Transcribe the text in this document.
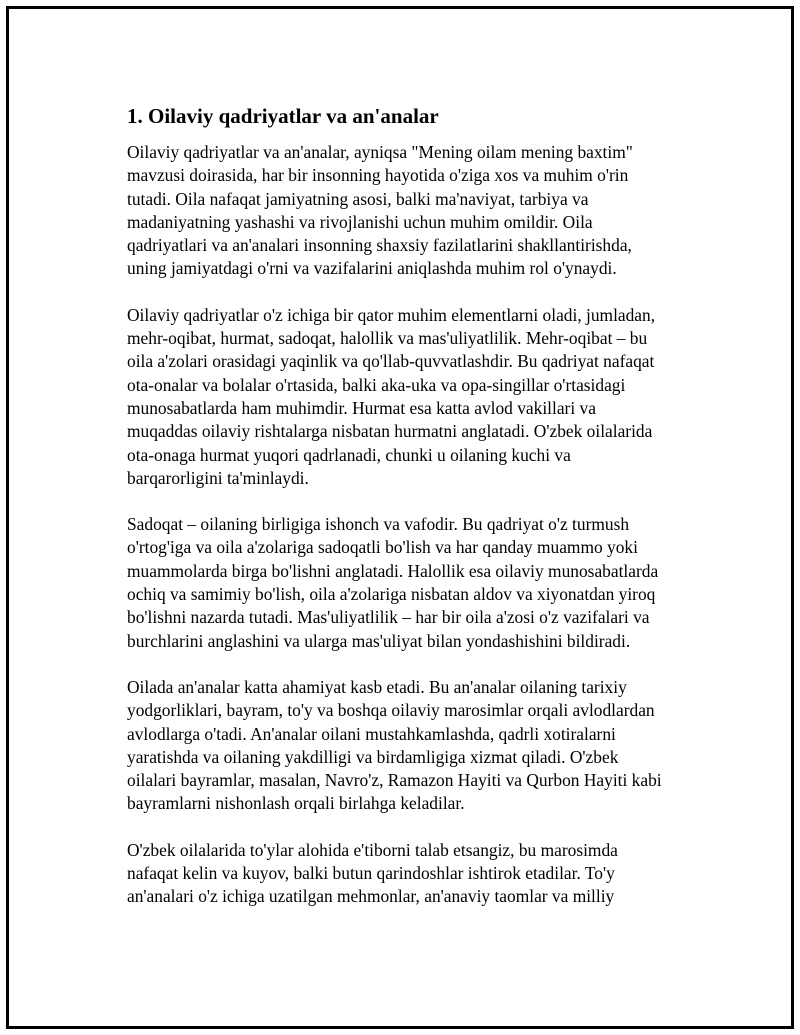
1. Oilaviy qadriyatlar va an'analar

Oilaviy qadriyatlar va an'analar, ayniqsa "Mening oilam mening baxtim"
mavzusi doirasida, har bir insonning hayotida o'ziga xos va muhim o'rin
tutadi. Oila nafaqat jamiyatning asosi, balki ma'naviyat, tarbiya va
madaniyatning yashashi va rivojlanishi uchun muhim omildir. Oila
qadriyatlari va an'analari insonning shaxsiy fazilatlarini shakllantirishda,
uning jamiyatdagi o'rni va vazifalarini aniqlashda muhim rol o'ynaydi.

Oilaviy qadriyatlar o'z ichiga bir qator muhim elementlarni oladi, jumladan,
mehr-oqibat, hurmat, sadoqat, halollik va mas'uliyatlilik. Mehr-oqibat – bu
oila a'zolari orasidagi yaqinlik va qo'llab-quvvatlashdir. Bu qadriyat nafaqat
ota-onalar va bolalar o'rtasida, balki aka-uka va opa-singillar o'rtasidagi
munosabatlarda ham muhimdir. Hurmat esa katta avlod vakillari va
muqaddas oilaviy rishtalarga nisbatan hurmatni anglatadi. O'zbek oilalarida
ota-onaga hurmat yuqori qadrlanadi, chunki u oilaning kuchi va
barqarorligini ta'minlaydi.

Sadoqat – oilaning birligiga ishonch va vafodir. Bu qadriyat o'z turmush
o'rtog'iga va oila a'zolariga sadoqatli bo'lish va har qanday muammo yoki
muammolarda birga bo'lishni anglatadi. Halollik esa oilaviy munosabatlarda
ochiq va samimiy bo'lish, oila a'zolariga nisbatan aldov va xiyonatdan yiroq
bo'lishni nazarda tutadi. Mas'uliyatlilik – har bir oila a'zosi o'z vazifalari va
burchlarini anglashini va ularga mas'uliyat bilan yondashishini bildiradi.

Oilada an'analar katta ahamiyat kasb etadi. Bu an'analar oilaning tarixiy
yodgorliklari, bayram, to'y va boshqa oilaviy marosimlar orqali avlodlardan
avlodlarga o'tadi. An'analar oilani mustahkamlashda, qadrli xotiralarni
yaratishda va oilaning yakdilligi va birdamligiga xizmat qiladi. O'zbek
oilalari bayramlar, masalan, Navro'z, Ramazon Hayiti va Qurbon Hayiti kabi
bayramlarni nishonlash orqali birlahga keladilar.

O'zbek oilalarida to'ylar alohida e'tiborni talab etsangiz, bu marosimda
nafaqat kelin va kuyov, balki butun qarindoshlar ishtirok etadilar. To'y
an'analari o'z ichiga uzatilgan mehmonlar, an'anaviy taomlar va milliy
